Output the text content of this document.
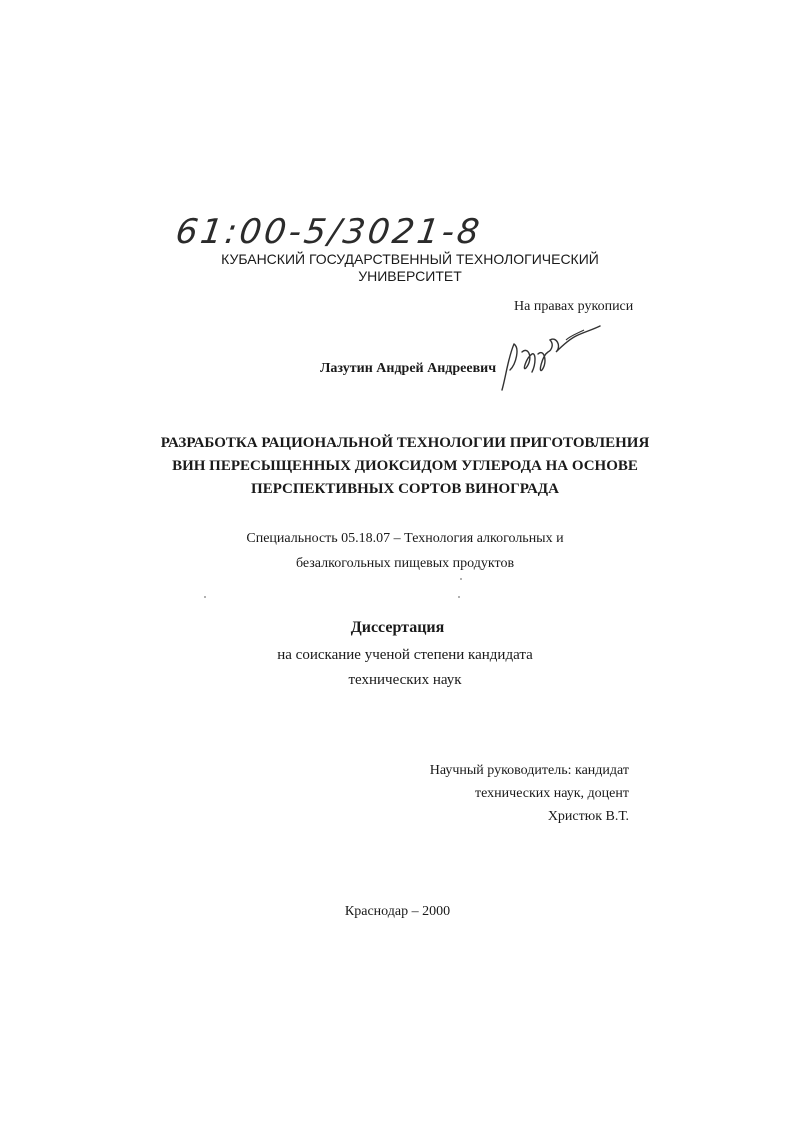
61:00-5/3021-8
КУБАНСКИЙ ГОСУДАРСТВЕННЫЙ ТЕХНОЛОГИЧЕСКИЙ
УНИВЕРСИТЕТ
На правах рукописи
Лазутин Андрей Андреевич
РАЗРАБОТКА РАЦИОНАЛЬНОЙ ТЕХНОЛОГИИ ПРИГОТОВЛЕНИЯ
ВИН ПЕРЕСЫЩЕННЫХ ДИОКСИДОМ УГЛЕРОДА НА ОСНОВЕ
ПЕРСПЕКТИВНЫХ СОРТОВ ВИНОГРАДА
Специальность 05.18.07 – Технология алкогольных и
безалкогольных пищевых продуктов
Диссертация
на соискание ученой степени кандидата
технических наук
Научный руководитель: кандидат
технических наук, доцент
Христюк В.Т.
Краснодар – 2000
